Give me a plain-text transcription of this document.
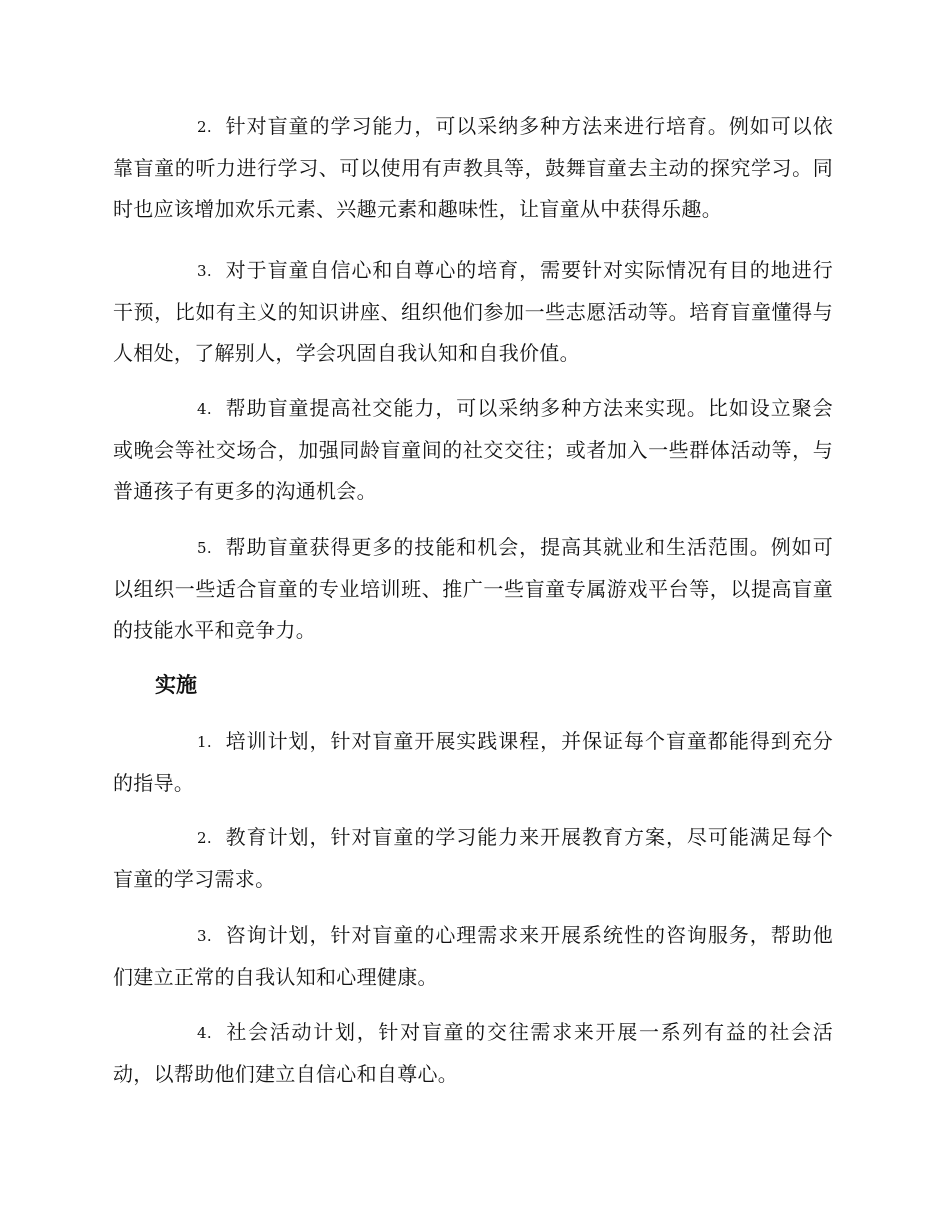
2. 针对盲童的学习能力，可以采纳多种方法来进行培育。例如可以依靠盲童的听力进行学习、可以使用有声教具等，鼓舞盲童去主动的探究学习。同时也应该增加欢乐元素、兴趣元素和趣味性，让盲童从中获得乐趣。

3. 对于盲童自信心和自尊心的培育，需要针对实际情况有目的地进行干预，比如有主义的知识讲座、组织他们参加一些志愿活动等。培育盲童懂得与人相处，了解别人，学会巩固自我认知和自我价值。

4. 帮助盲童提高社交能力，可以采纳多种方法来实现。比如设立聚会或晚会等社交场合，加强同龄盲童间的社交交往；或者加入一些群体活动等，与普通孩子有更多的沟通机会。

5. 帮助盲童获得更多的技能和机会，提高其就业和生活范围。例如可以组织一些适合盲童的专业培训班、推广一些盲童专属游戏平台等，以提高盲童的技能水平和竞争力。

实施

1. 培训计划，针对盲童开展实践课程，并保证每个盲童都能得到充分的指导。

2. 教育计划，针对盲童的学习能力来开展教育方案，尽可能满足每个盲童的学习需求。

3. 咨询计划，针对盲童的心理需求来开展系统性的咨询服务，帮助他们建立正常的自我认知和心理健康。

4. 社会活动计划，针对盲童的交往需求来开展一系列有益的社会活动，以帮助他们建立自信心和自尊心。
